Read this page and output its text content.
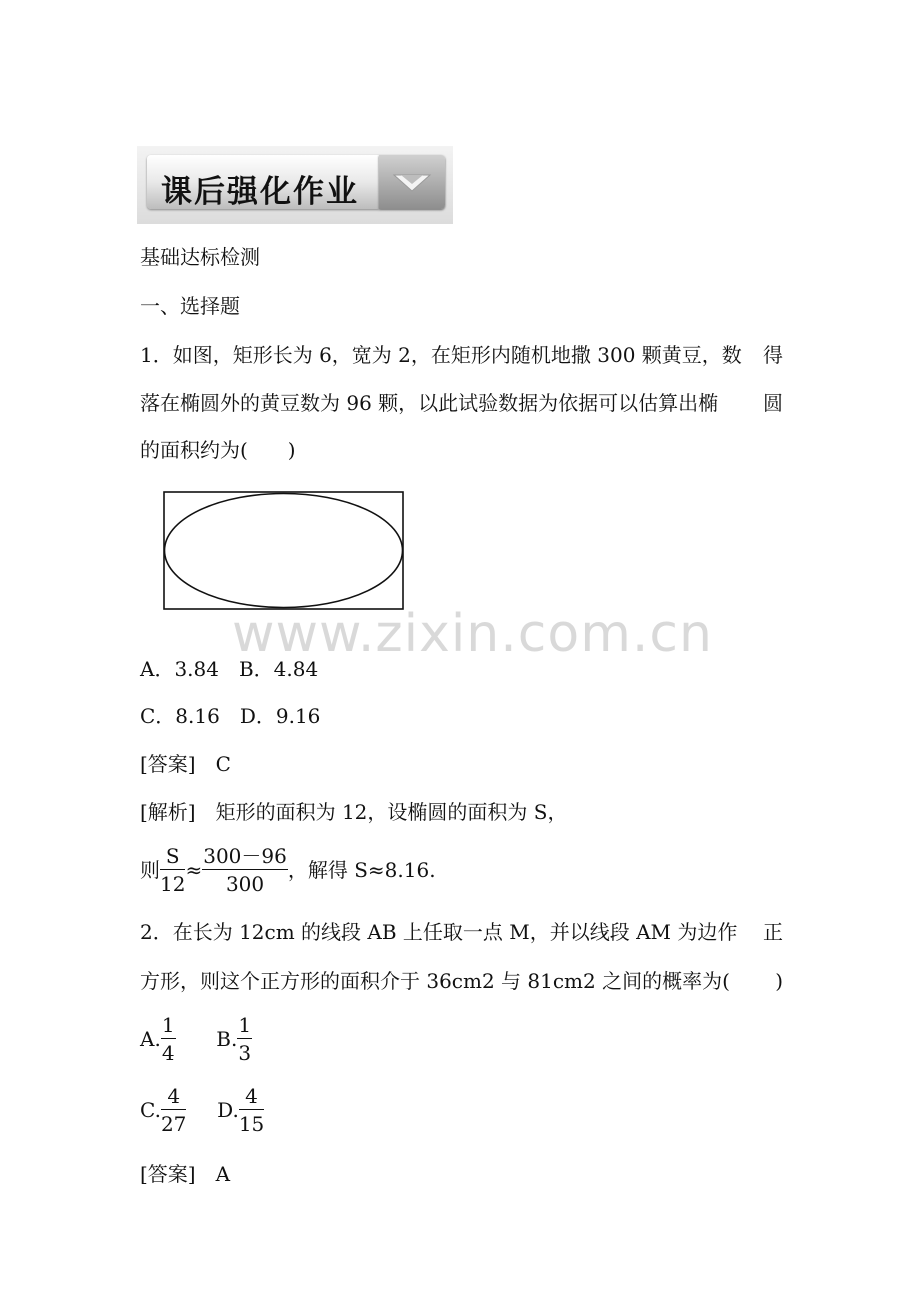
课后强化作业
基础达标检测
一、选择题
1．如图，矩形长为 6，宽为 2，在矩形内随机地撒 300 颗黄豆，数 得
落在椭圆外的黄豆数为 96 颗，以此试验数据为依据可以估算出椭 圆
的面积约为(　　)
www.zixin.com.cn
A．3.84　B．4.84
C．8.16　D．9.16
[答案]　C
[解析]　矩形的面积为 12，设椭圆的面积为 S，
则 $\frac{S}{12} \approx \frac{300-96}{300}$ ，解得 S≈8.16.
2．在长为 12cm 的线段 AB 上任取一点 M，并以线段 AM 为边作 正
方形，则这个正方形的面积介于 36cm2 与 81cm2 之间的概率为(　　 )
A. $\frac{1}{4} B$. $\frac{1}{3}$
C. $\frac{4}{27} D$. $\frac{4}{15}$
[答案]　A
